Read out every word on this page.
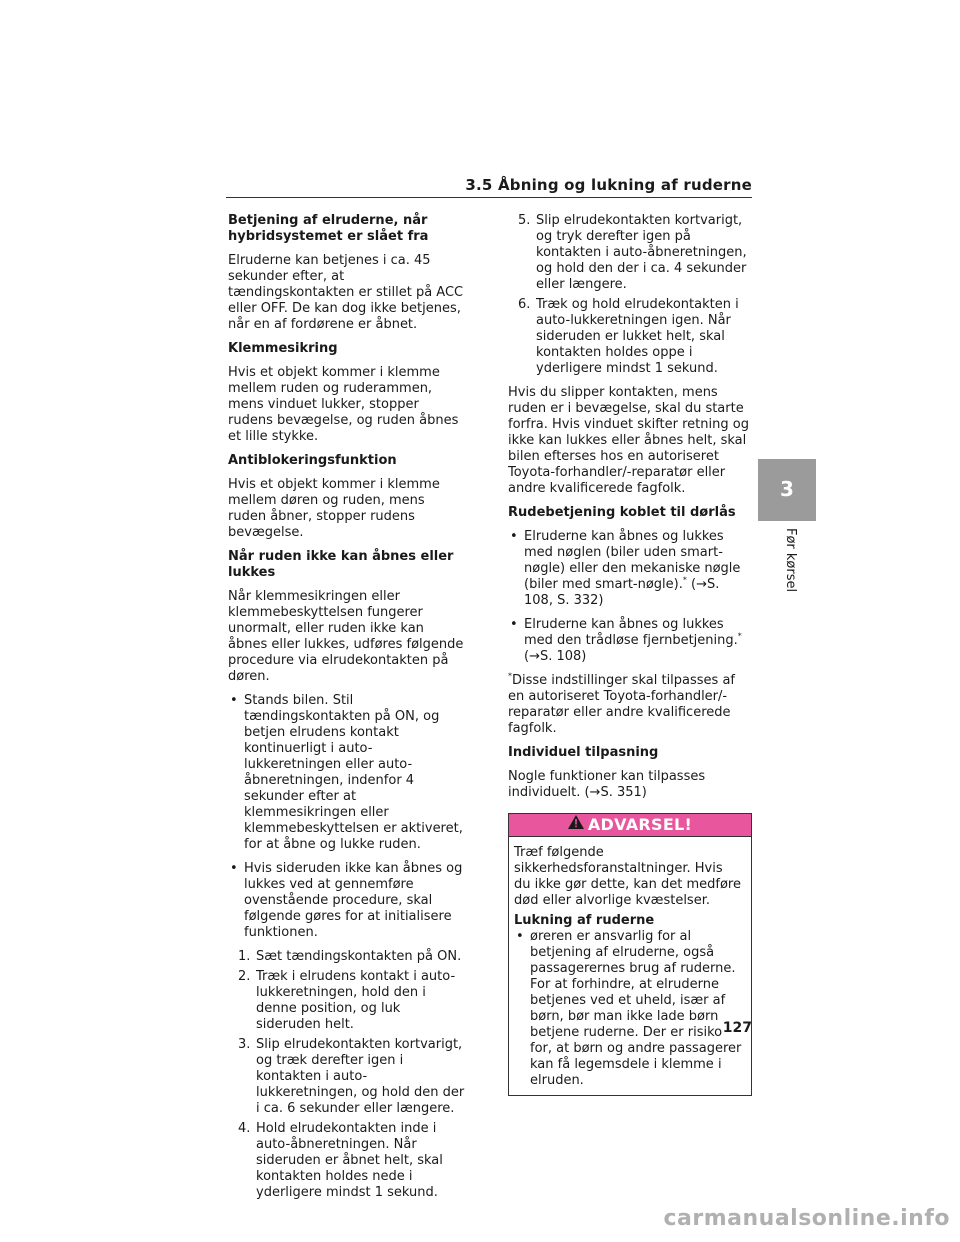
3.5 Åbning og lukning af ruderne
Betjening af elruderne, når hybridsystemet er slået fra

Elruderne kan betjenes i ca. 45 sekunder efter, at tændingskontakten er stillet på ACC eller OFF. De kan dog ikke betjenes, når en af fordørene er åbnet.

Klemmesikring

Hvis et objekt kommer i klemme mellem ruden og ruderammen, mens vinduet lukker, stopper rudens bevægelse, og ruden åbnes et lille stykke.

Antiblokeringsfunktion

Hvis et objekt kommer i klemme mellem døren og ruden, mens ruden åbner, stopper rudens bevægelse.

Når ruden ikke kan åbnes eller lukkes

Når klemmesikringen eller klemmebeskyttelsen fungerer unormalt, eller ruden ikke kan åbnes eller lukkes, udføres følgende procedure via elrudekontakten på døren.

• Stands bilen. Stil tændingskontakten på ON, og betjen elrudens kontakt kontinuerligt i auto-lukkeretningen eller auto-åbneretningen, indenfor 4 sekunder efter at klemmesikringen eller klemmebeskyttelsen er aktiveret, for at åbne og lukke ruden.
• Hvis sideruden ikke kan åbnes og lukkes ved at gennemføre ovenstående procedure, skal følgende gøres for at initialisere funktionen.
1. Sæt tændingskontakten på ON.
2. Træk i elrudens kontakt i auto-lukkeretningen, hold den i denne position, og luk sideruden helt.
3. Slip elrudekontakten kortvarigt, og træk derefter igen i kontakten i auto-lukkeretningen, og hold den der i ca. 6 sekunder eller længere.
4. Hold elrudekontakten inde i auto-åbneretningen. Når sideruden er åbnet helt, skal kontakten holdes nede i yderligere mindst 1 sekund.
5. Slip elrudekontakten kortvarigt, og tryk derefter igen på kontakten i auto-åbneretningen, og hold den der i ca. 4 sekunder eller længere.
6. Træk og hold elrudekontakten i auto-lukkeretningen igen. Når sideruden er lukket helt, skal kontakten holdes oppe i yderligere mindst 1 sekund.

Hvis du slipper kontakten, mens ruden er i bevægelse, skal du starte forfra. Hvis vinduet skifter retning og ikke kan lukkes eller åbnes helt, skal bilen efterses hos en autoriseret Toyota-forhandler/-reparatør eller andre kvalificerede fagfolk.

Rudebetjening koblet til dørlås
• Elruderne kan åbnes og lukkes med nøglen (biler uden smart-nøgle) eller den mekaniske nøgle (biler med smart-nøgle).* (→S. 108, S. 332)
• Elruderne kan åbnes og lukkes med den trådløse fjernbetjening.*
(→S. 108)

*Disse indstillinger skal tilpasses af en autoriseret Toyota-forhandler/-reparatør eller andre kvalificerede fagfolk.

Individuel tilpasning

Nogle funktioner kan tilpasses individuelt. (→S. 351)

ADVARSEL!

Træf følgende sikkerhedsforanstaltninger. Hvis du ikke gør dette, kan det medføre død eller alvorlige kvæstelser.

Lukning af ruderne
• øreren er ansvarlig for al betjening af elruderne, også passagerernes brug af ruderne. For at forhindre, at elruderne betjenes ved et uheld, især af børn, bør man ikke lade børn betjene ruderne. Der er risiko for, at børn og andre passagerer kan få legemsdele i klemme i elruden.
3
Før kørsel
127
carmanualsonline.info
